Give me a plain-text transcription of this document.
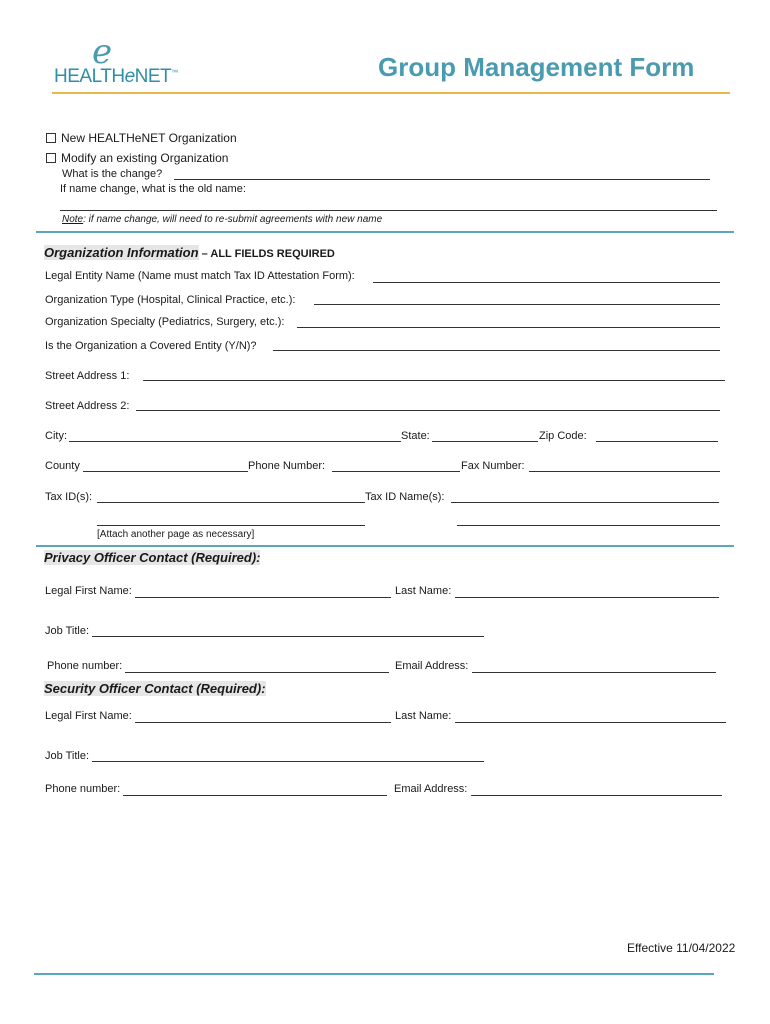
e
HEALTHeNET™	Group Management Form
New HEALTHeNET Organization
Modify an existing Organization
What is the change?
If name change, what is the old name:
Note: if name change, will need to re-submit agreements with new name
Organization Information – ALL FIELDS REQUIRED
Legal Entity Name (Name must match Tax ID Attestation Form):
Organization Type (Hospital, Clinical Practice, etc.):
Organization Specialty (Pediatrics, Surgery, etc.):
Is the Organization a Covered Entity (Y/N)?
Street Address 1:
Street Address 2:
City:	State:	Zip Code:
County	Phone Number:	Fax Number:
Tax ID(s):	Tax ID Name(s):
[Attach another page as necessary]
Privacy Officer Contact (Required):
Legal First Name:	Last Name:
Job Title:
Phone number:	Email Address:
Security Officer Contact (Required):
Legal First Name:	Last Name:
Job Title:
Phone number:	Email Address:
Effective 11/04/2022
